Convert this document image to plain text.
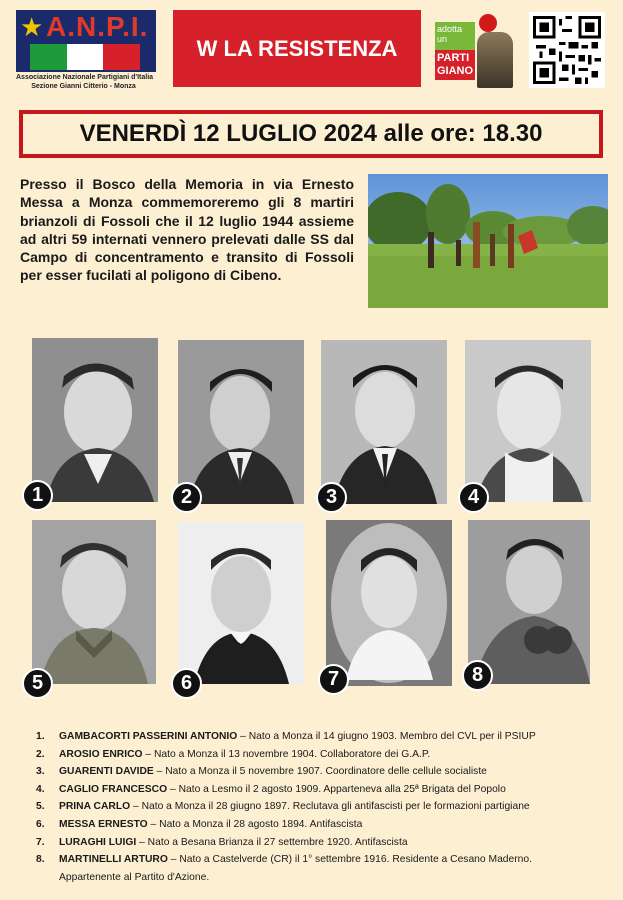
★ A.N.P.I.
Associazione Nazionale Partigiani d'Italia
Sezione Gianni Citterio - Monza
W LA RESISTENZA
adotta un
PARTI GIANO
VENERDÌ 12 LUGLIO 2024 alle ore: 18.30

Presso il Bosco della Memoria in via Ernesto Messa a Monza commemoreremo gli 8 martiri brianzoli di Fossoli che il 12 luglio 1944 assieme ad altri 59 internati vennero prelevati dalle SS dal Campo di concentramento e transito di Fossoli per esser fucilati al poligono di Cibeno.

1	2	3	4
5	6	7	8
1.	GAMBACORTI PASSERINI ANTONIO – Nato a Monza il 14 giugno 1903. Membro del CVL per il PSIUP
2.	AROSIO ENRICO – Nato a Monza il 13 novembre 1904. Collaboratore dei G.A.P.
3.	GUARENTI DAVIDE – Nato a Monza il 5 novembre 1907. Coordinatore delle cellule socialiste
4.	CAGLIO FRANCESCO – Nato a Lesmo il 2 agosto 1909. Apparteneva alla 25ª Brigata del Popolo
5.	PRINA CARLO – Nato a Monza il 28 giugno 1897. Reclutava gli antifascisti per le formazioni partigiane
6.	MESSA ERNESTO – Nato a Monza il 28 agosto 1894. Antifascista
7.	LURAGHI LUIGI – Nato a Besana Brianza il 27 settembre 1920. Antifascista
8.	MARTINELLI ARTURO – Nato a Castelverde (CR) il 1° settembre 1916. Residente a Cesano Maderno.
Appartenente al Partito d'Azione.
